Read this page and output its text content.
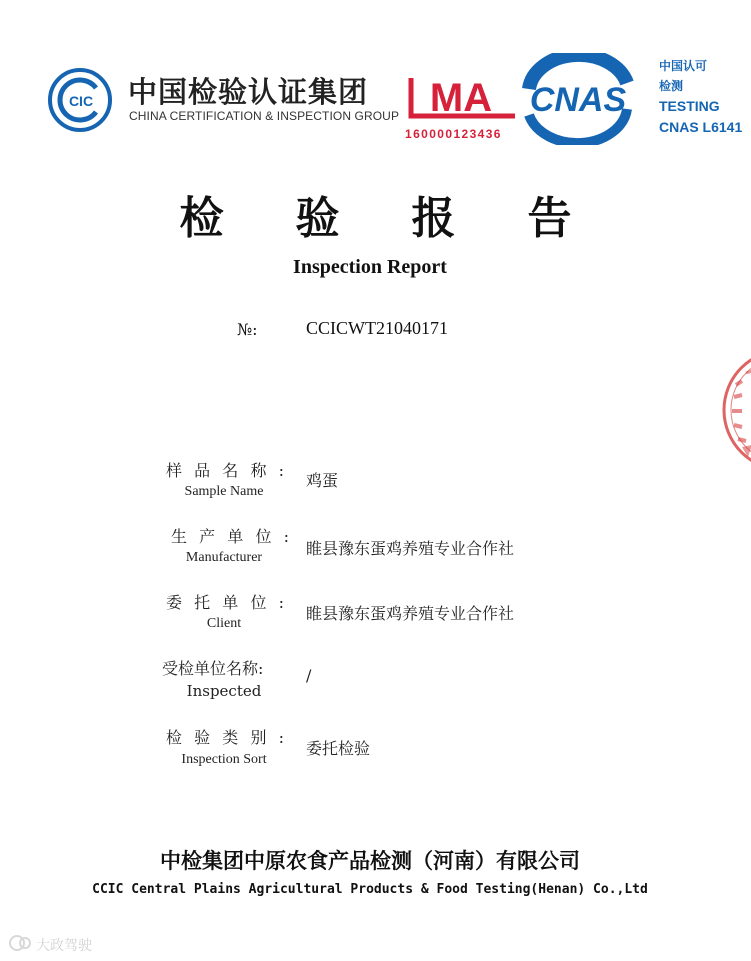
CIC 中国检验认证集团
CHINA CERTIFICATION & INSPECTION GROUP MA
160000123436
CNAS
中国认可
检测
TESTING
CNAS L6141
检验报告
Inspection Report
№:	CCICWT21040171
样品名称:
Sample Name
鸡蛋
生产单位:
Manufacturer	睢县豫东蛋鸡养殖专业合作社
委托单位:
Client
睢县豫东蛋鸡养殖专业合作社
受检单位名称:
Inspected
/
检验类别:
Inspection Sort
委托检验
中检集团中原农食产品检测（河南）有限公司
CCIC Central Plains Agricultural Products & Food Testing(Henan) Co.,Ltd
大政驾驶
